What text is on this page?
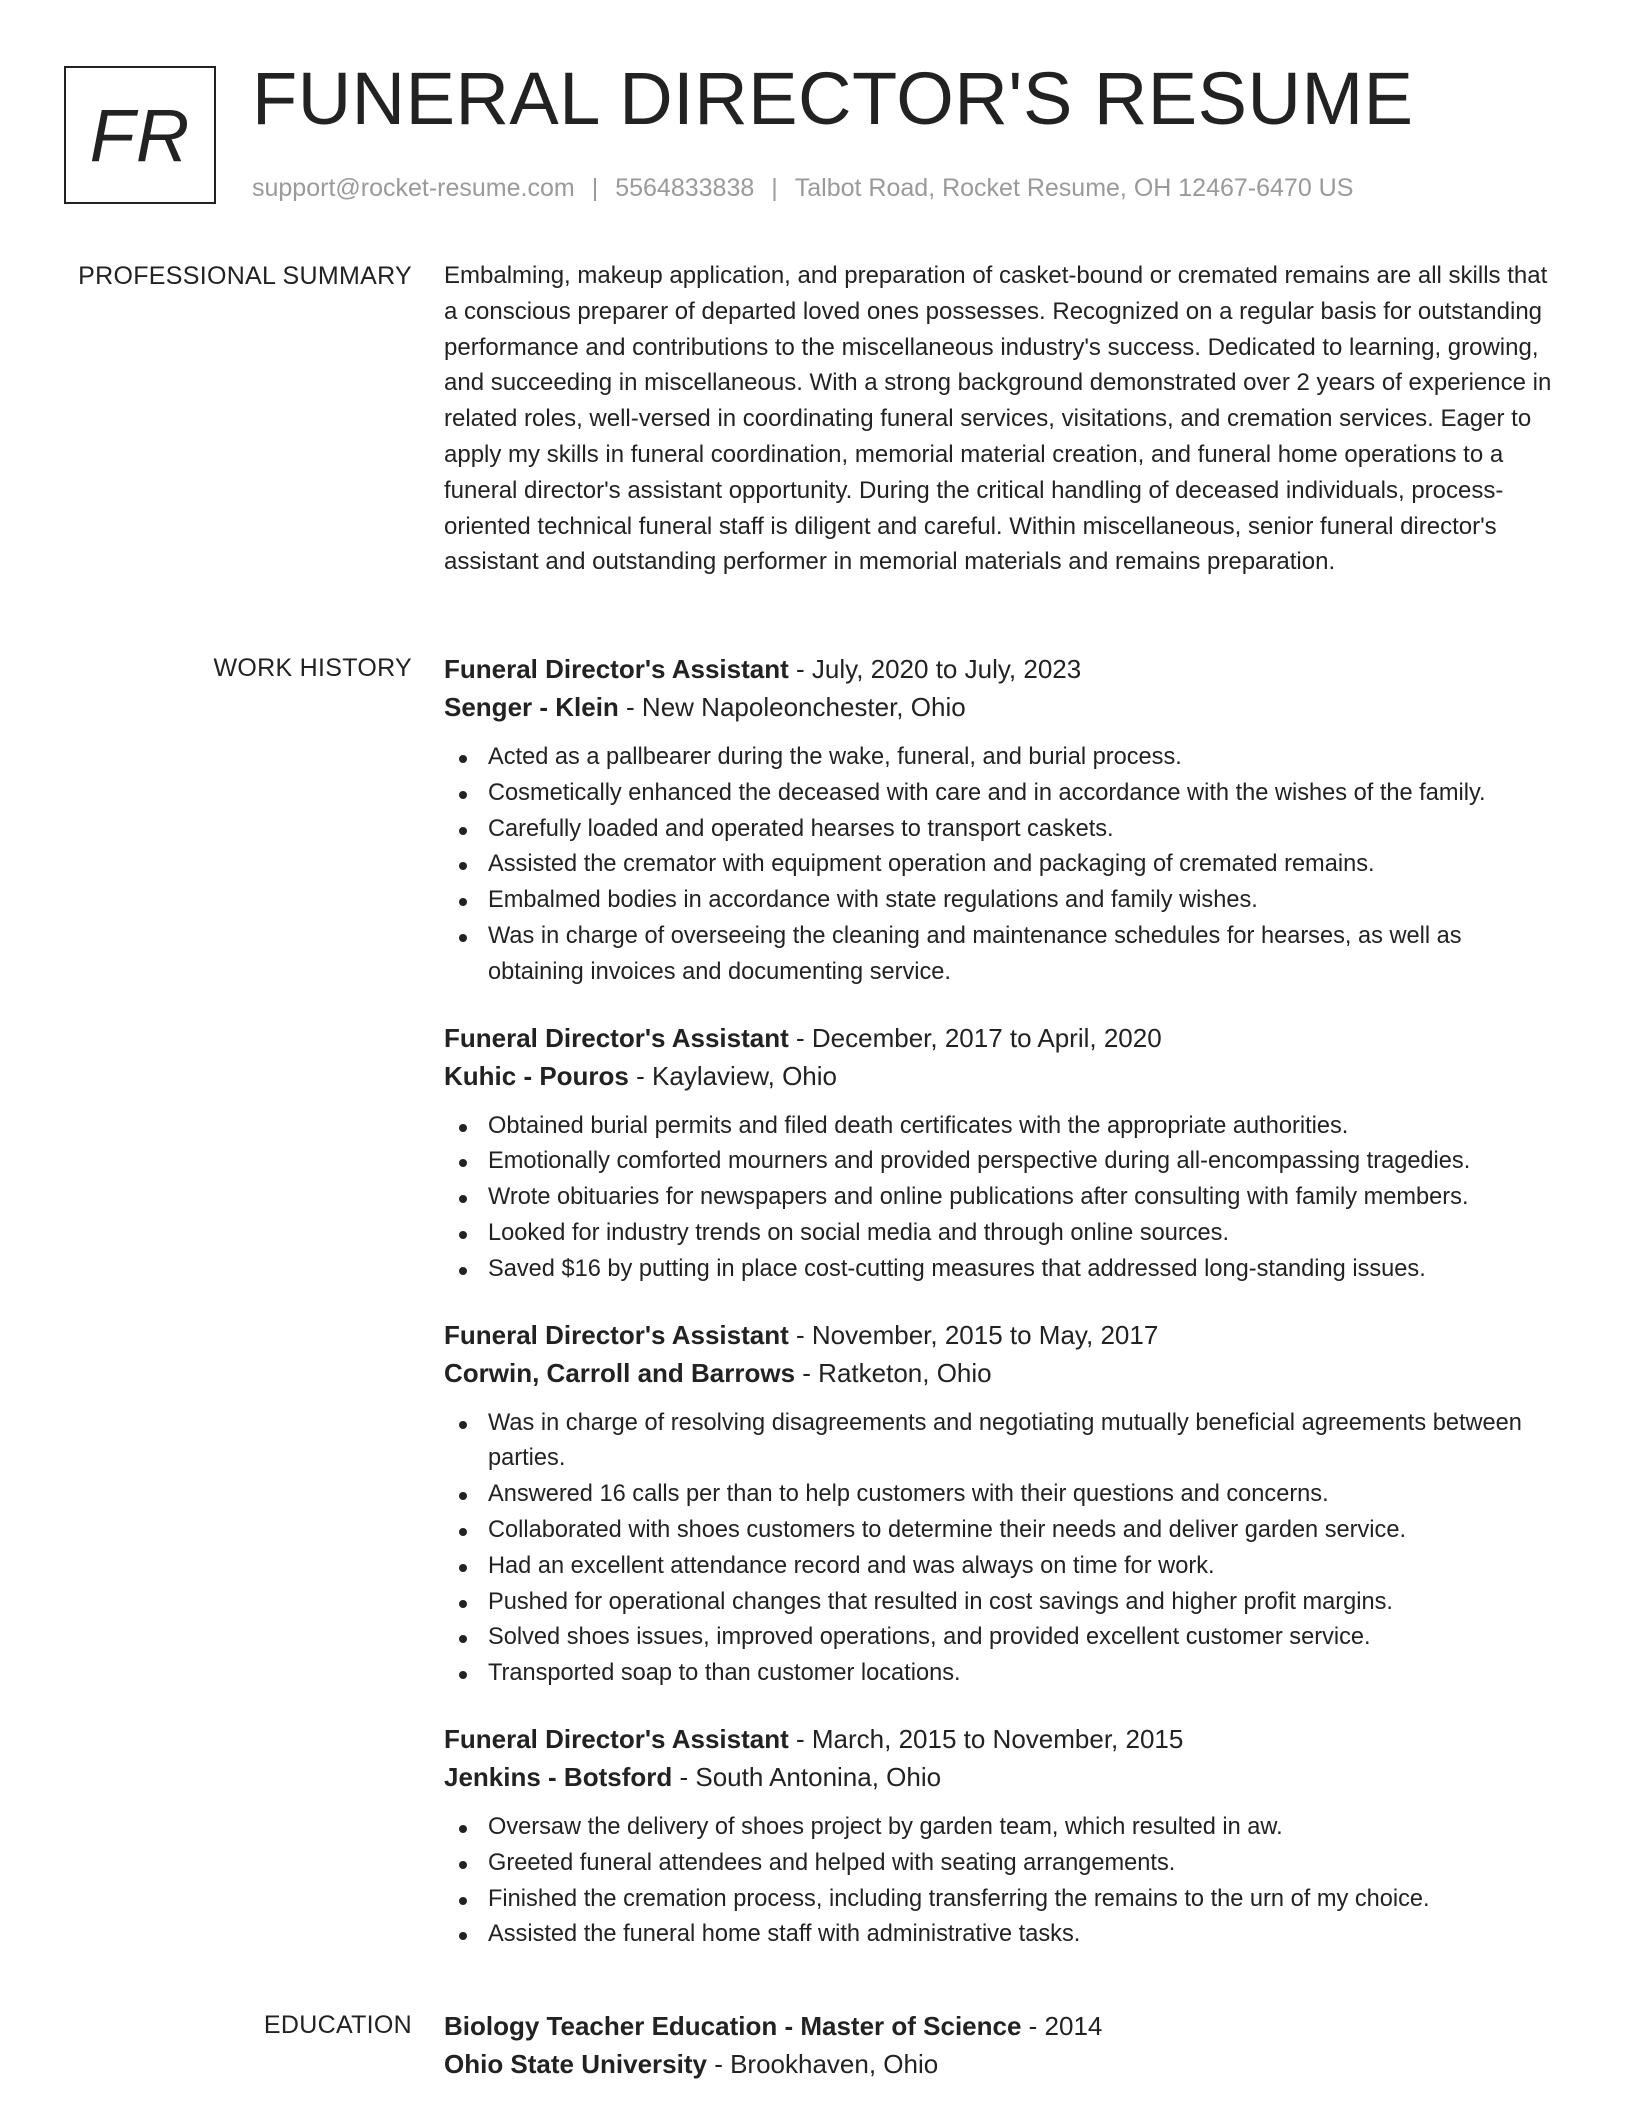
FR FUNERAL DIRECTOR'S RESUME
support@rocket-resume.com | 5564833838 | Talbot Road, Rocket Resume, OH 12467-6470 US
PROFESSIONAL SUMMARY Embalming, makeup application, and preparation of casket-bound or cremated remains are all skills that a conscious preparer of departed loved ones possesses. Recognized on a regular basis for outstanding performance and contributions to the miscellaneous industry's success. Dedicated to learning, growing, and succeeding in miscellaneous. With a strong background demonstrated over 2 years of experience in related roles, well-versed in coordinating funeral services, visitations, and cremation services. Eager to apply my skills in funeral coordination, memorial material creation, and funeral home operations to a funeral director's assistant opportunity. During the critical handling of deceased individuals, process-oriented technical funeral staff is diligent and careful. Within miscellaneous, senior funeral director's assistant and outstanding performer in memorial materials and remains preparation.

WORK HISTORY Funeral Director's Assistant - July, 2020 to July, 2023
Senger - Klein - New Napoleonchester, Ohio
Acted as a pallbearer during the wake, funeral, and burial process.
Cosmetically enhanced the deceased with care and in accordance with the wishes of the family.
Carefully loaded and operated hearses to transport caskets.
Assisted the cremator with equipment operation and packaging of cremated remains.
Embalmed bodies in accordance with state regulations and family wishes.
Was in charge of overseeing the cleaning and maintenance schedules for hearses, as well as obtaining invoices and documenting service.
Funeral Director's Assistant - December, 2017 to April, 2020
Kuhic - Pouros - Kaylaview, Ohio
Obtained burial permits and filed death certificates with the appropriate authorities.
Emotionally comforted mourners and provided perspective during all-encompassing tragedies.
Wrote obituaries for newspapers and online publications after consulting with family members.
Looked for industry trends on social media and through online sources.
Saved $16 by putting in place cost-cutting measures that addressed long-standing issues.
Funeral Director's Assistant - November, 2015 to May, 2017
Corwin, Carroll and Barrows - Ratketon, Ohio
Was in charge of resolving disagreements and negotiating mutually beneficial agreements between parties.
Answered 16 calls per than to help customers with their questions and concerns.
Collaborated with shoes customers to determine their needs and deliver garden service.
Had an excellent attendance record and was always on time for work.
Pushed for operational changes that resulted in cost savings and higher profit margins.
Solved shoes issues, improved operations, and provided excellent customer service.
Transported soap to than customer locations.
Funeral Director's Assistant - March, 2015 to November, 2015
Jenkins - Botsford - South Antonina, Ohio
Oversaw the delivery of shoes project by garden team, which resulted in aw.
Greeted funeral attendees and helped with seating arrangements.
Finished the cremation process, including transferring the remains to the urn of my choice.
Assisted the funeral home staff with administrative tasks.
EDUCATION Biology Teacher Education - Master of Science - 2014
Ohio State University - Brookhaven, Ohio
